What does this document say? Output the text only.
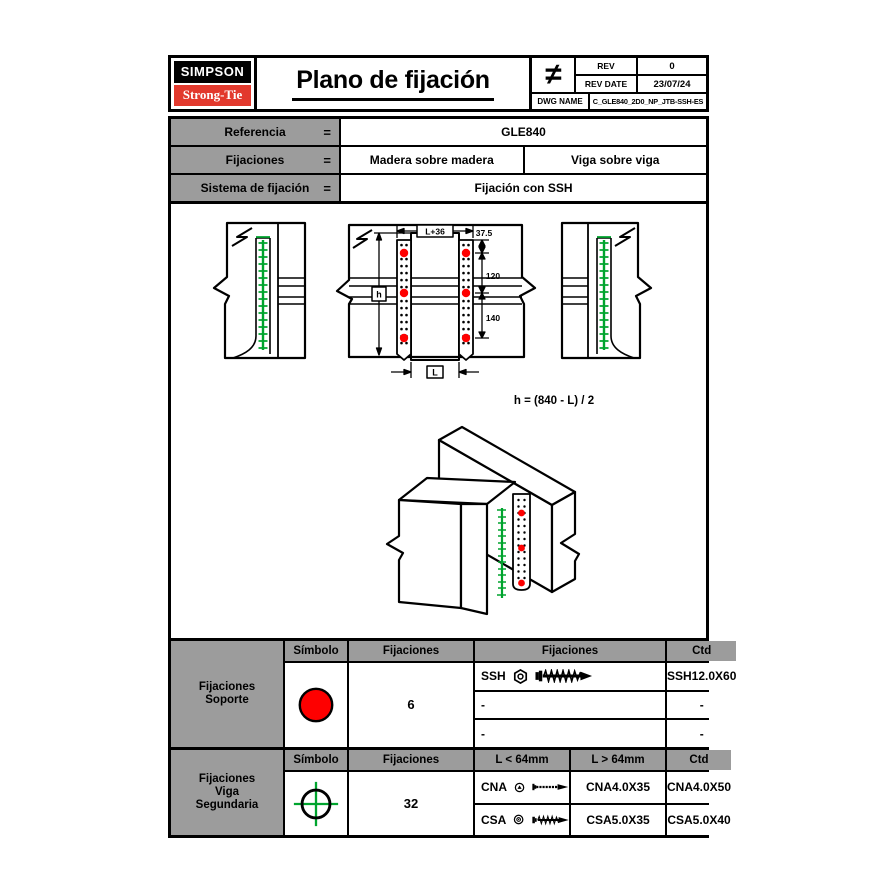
SIMPSON
Strong-Tie
Plano de fijación	≠	REV	0
REV DATE	23/07/24
DWG NAME	C_GLE840_2D0_NP_JTB-SSH-ES
Referencia	=	GLE840
Fijaciones	=	Madera sobre madera	Viga sobre viga
Sistema de fijación =	Fijación con SSH
L+36
h
37.5
120
140
L
h = (840 - L) / 2
Fijaciones
Soporte
Símbolo	Fijaciones	Fijaciones	Ctd
SSH	SSH12.0X60
-	-
-	-
6
Fijaciones
Viga
Segundaria
Símbolo	Fijaciones	L < 64mm	L > 64mm	Ctd
CNA	CNA4.0X35	CNA4.0X50
CSA	CSA5.0X35	CSA5.0X40
32
